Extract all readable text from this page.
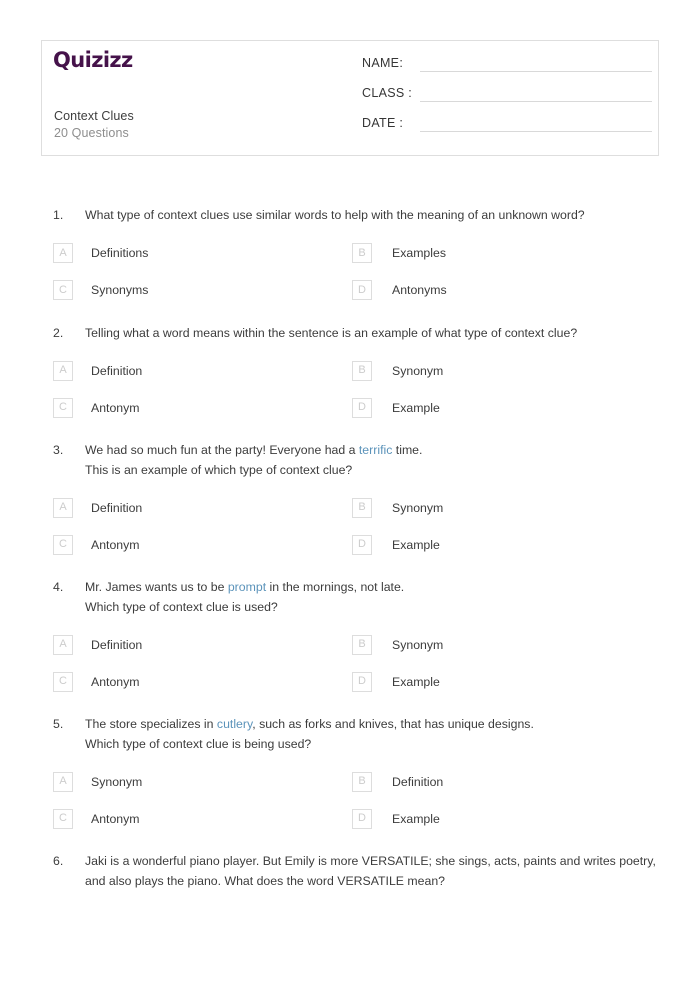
Quizizz
Context Clues
20 Questions
NAME:
CLASS :
DATE :
1.	What type of context clues use similar words to help with the meaning of an unknown word?
A	Definitions	B	Examples
C	Synonyms	D	Antonyms
2.	Telling what a word means within the sentence is an example of what type of context clue?
A	Definition	B	Synonym
C	Antonym	D	Example
3.	We had so much fun at the party! Everyone had a terrific time.
This is an example of which type of context clue?
A	Definition	B	Synonym
C	Antonym	D	Example
4.	Mr. James wants us to be prompt in the mornings, not late.
Which type of context clue is used?
A	Definition	B	Synonym
C	Antonym	D	Example
5.	The store specializes in cutlery, such as forks and knives, that has unique designs.
Which type of context clue is being used?
A	Synonym	B	Definition
C	Antonym	D	Example
6.	Jaki is a wonderful piano player. But Emily is more VERSATILE; she sings, acts, paints and writes poetry, and also plays the piano. What does the word VERSATILE mean?
